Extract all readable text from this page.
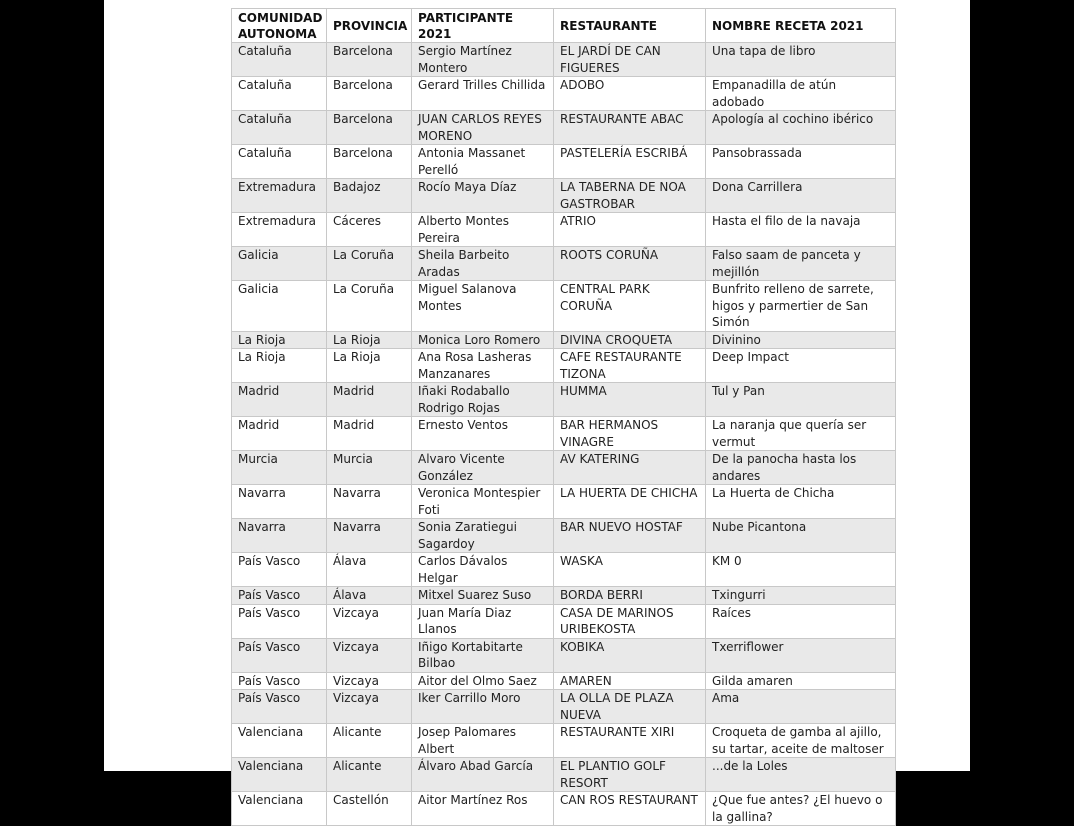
COMUNIDAD AUTONOMA	PROVINCIA	PARTICIPANTE 2021	RESTAURANTE	NOMBRE RECETA 2021
Cataluña	Barcelona	Sergio Martínez Montero	EL JARDÍ DE CAN FIGUERES	Una tapa de libro
Cataluña	Barcelona	Gerard Trilles Chillida	ADOBO	Empanadilla de atún adobado
Cataluña	Barcelona	JUAN CARLOS REYES MORENO	RESTAURANTE ABAC	Apología al cochino ibérico
Cataluña	Barcelona	Antonia Massanet Perelló	PASTELERÍA ESCRIBÁ	Pansobrassada
Extremadura	Badajoz	Rocío Maya Díaz	LA TABERNA DE NOA GASTROBAR	Dona Carrillera
Extremadura	Cáceres	Alberto Montes Pereira	ATRIO	Hasta el filo de la navaja
Galicia	La Coruña	Sheila Barbeito Aradas	ROOTS CORUÑA	Falso saam de panceta y mejillón
Galicia	La Coruña	Miguel Salanova Montes	CENTRAL PARK CORUÑA	Bunfrito relleno de sarrete, higos y parmertier de San Simón
La Rioja	La Rioja	Monica Loro Romero	DIVINA CROQUETA	Divinino
La Rioja	La Rioja	Ana Rosa Lasheras Manzanares	CAFE RESTAURANTE TIZONA	Deep Impact
Madrid	Madrid	Iñaki Rodaballo Rodrigo Rojas	HUMMA	Tul y Pan
Madrid	Madrid	Ernesto Ventos	BAR HERMANOS VINAGRE	La naranja que quería ser vermut
Murcia	Murcia	Alvaro Vicente González	AV KATERING	De la panocha hasta los andares
Navarra	Navarra	Veronica Montespier Foti	LA HUERTA DE CHICHA	La Huerta de Chicha
Navarra	Navarra	Sonia Zaratiegui Sagardoy	BAR NUEVO HOSTAF	Nube Picantona
País Vasco	Álava	Carlos Dávalos Helgar	WASKA	KM 0
País Vasco	Álava	Mitxel Suarez Suso	BORDA BERRI	Txingurri
País Vasco	Vizcaya	Juan María Diaz Llanos	CASA DE MARINOS URIBEKOSTA	Raíces
País Vasco	Vizcaya	Iñigo Kortabitarte Bilbao	KOBIKA	Txerriflower
País Vasco	Vizcaya	Aitor del Olmo Saez	AMAREN	Gilda amaren
País Vasco	Vizcaya	Iker Carrillo Moro	LA OLLA DE PLAZA NUEVA	Ama
Valenciana	Alicante	Josep Palomares Albert	RESTAURANTE XIRI	Croqueta de gamba al ajillo, su tartar, aceite de maltoser
Valenciana	Alicante	Álvaro Abad García	EL PLANTIO GOLF RESORT	...de la Loles
Valenciana	Castellón	Aitor Martínez Ros	CAN ROS RESTAURANT	¿Que fue antes? ¿El huevo o la gallina?
